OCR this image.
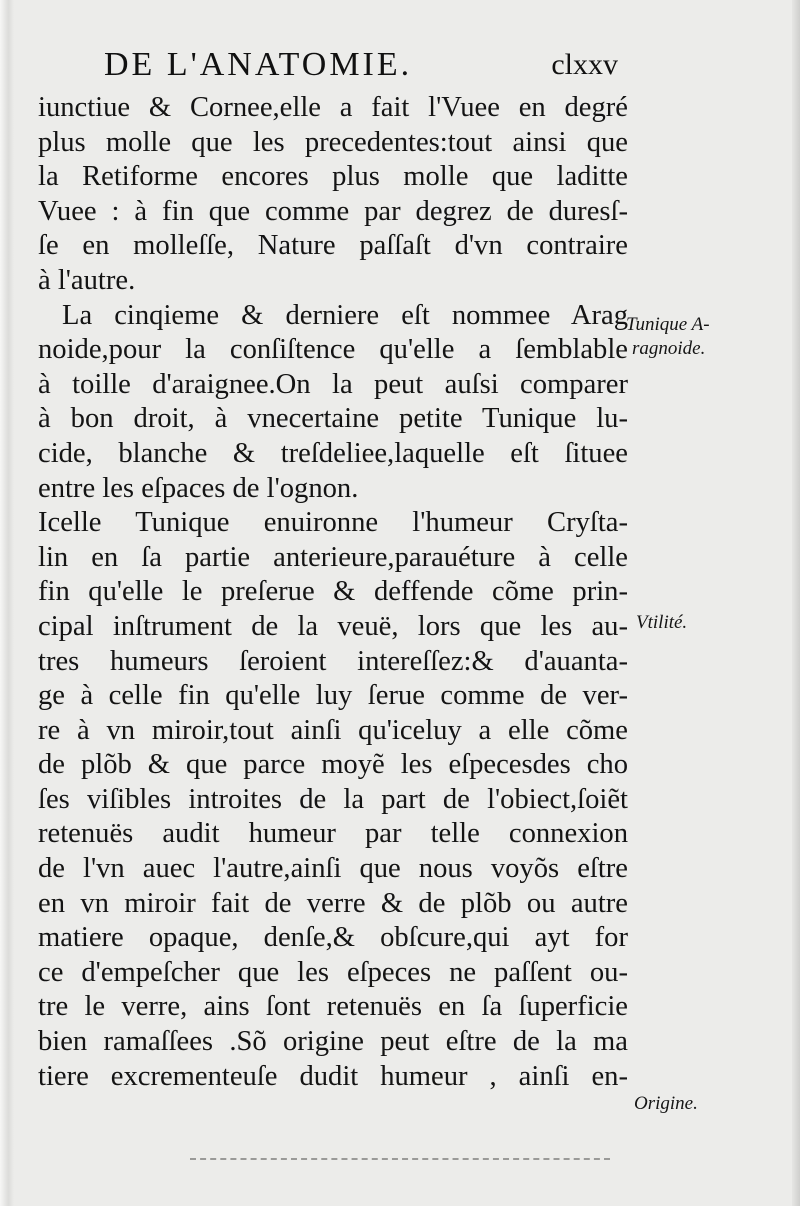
DE L'ANATOMIE.	clxxv
iunctiue & Cornee,elle a fait l'Vuee en degré
plus molle que les precedentes:tout ainsi que
la Retiforme encores plus molle que laditte
Vuee : à fin que comme par degrez de duresſ-
ſe en molleſſe, Nature paſſaſt d'vn contraire
à l'autre.
La cinqieme & derniere eſt nommee Arag
noide,pour la conſiſtence qu'elle a ſemblable
à toille d'araignee.On la peut auſsi comparer
à bon droit, à vnecertaine petite Tunique lu-
cide, blanche & treſdeliee,laquelle eſt ſituee
entre les eſpaces de l'ognon.
Icelle Tunique enuironne l'humeur Cryſta-
lin en ſa partie anterieure,parauéture à celle
fin qu'elle le preſerue & deffende cõme prin-
cipal inſtrument de la veuë, lors que les au-
tres humeurs ſeroient intereſſez:& d'auanta-
ge à celle fin qu'elle luy ſerue comme de ver-
re à vn miroir,tout ainſi qu'iceluy a elle cõme
de plõb & que parce moyẽ les eſpecesdes cho
ſes viſibles introites de la part de l'obiect,ſoiẽt
retenuës audit humeur par telle connexion
de l'vn auec l'autre,ainſi que nous voyõs eſtre
en vn miroir fait de verre & de plõb ou autre
matiere opaque, denſe,& obſcure,qui ayt for
ce d'empeſcher que les eſpeces ne paſſent ou-
tre le verre, ains ſont retenuës en ſa ſuperficie
bien ramaſſees .Sõ origine peut eſtre de la ma
tiere excrementeuſe dudit humeur , ainſi en-
Tunique A-
ragnoide.
Vtilité.
Origine.
